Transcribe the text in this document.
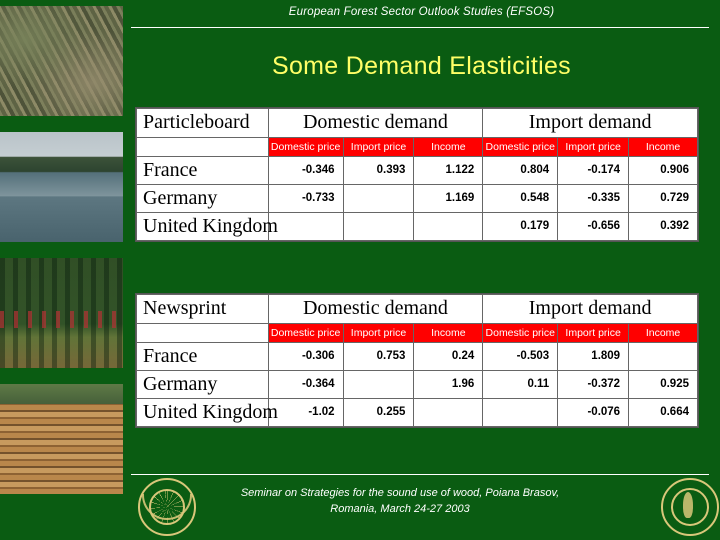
European Forest Sector Outlook Studies (EFSOS)
Some Demand Elasticities
Particleboard	Domestic demand			Import demand		
	Domestic price	Import price	Income	Domestic price	Import price	Income
France	-0.346	0.393	1.122	0.804	-0.174	0.906
Germany	-0.733		1.169	0.548	-0.335	0.729
United Kingdom				0.179	-0.656	0.392
Newsprint	Domestic demand			Import demand		
	Domestic price	Import price	Income	Domestic price	Import price	Income
France	-0.306	0.753	0.24	-0.503	1.809	
Germany	-0.364		1.96	0.11	-0.372	0.925
United Kingdom	-1.02	0.255			-0.076	0.664
Seminar on Strategies for the sound use of wood, Poiana Brasov,
Romania, March 24-27 2003
